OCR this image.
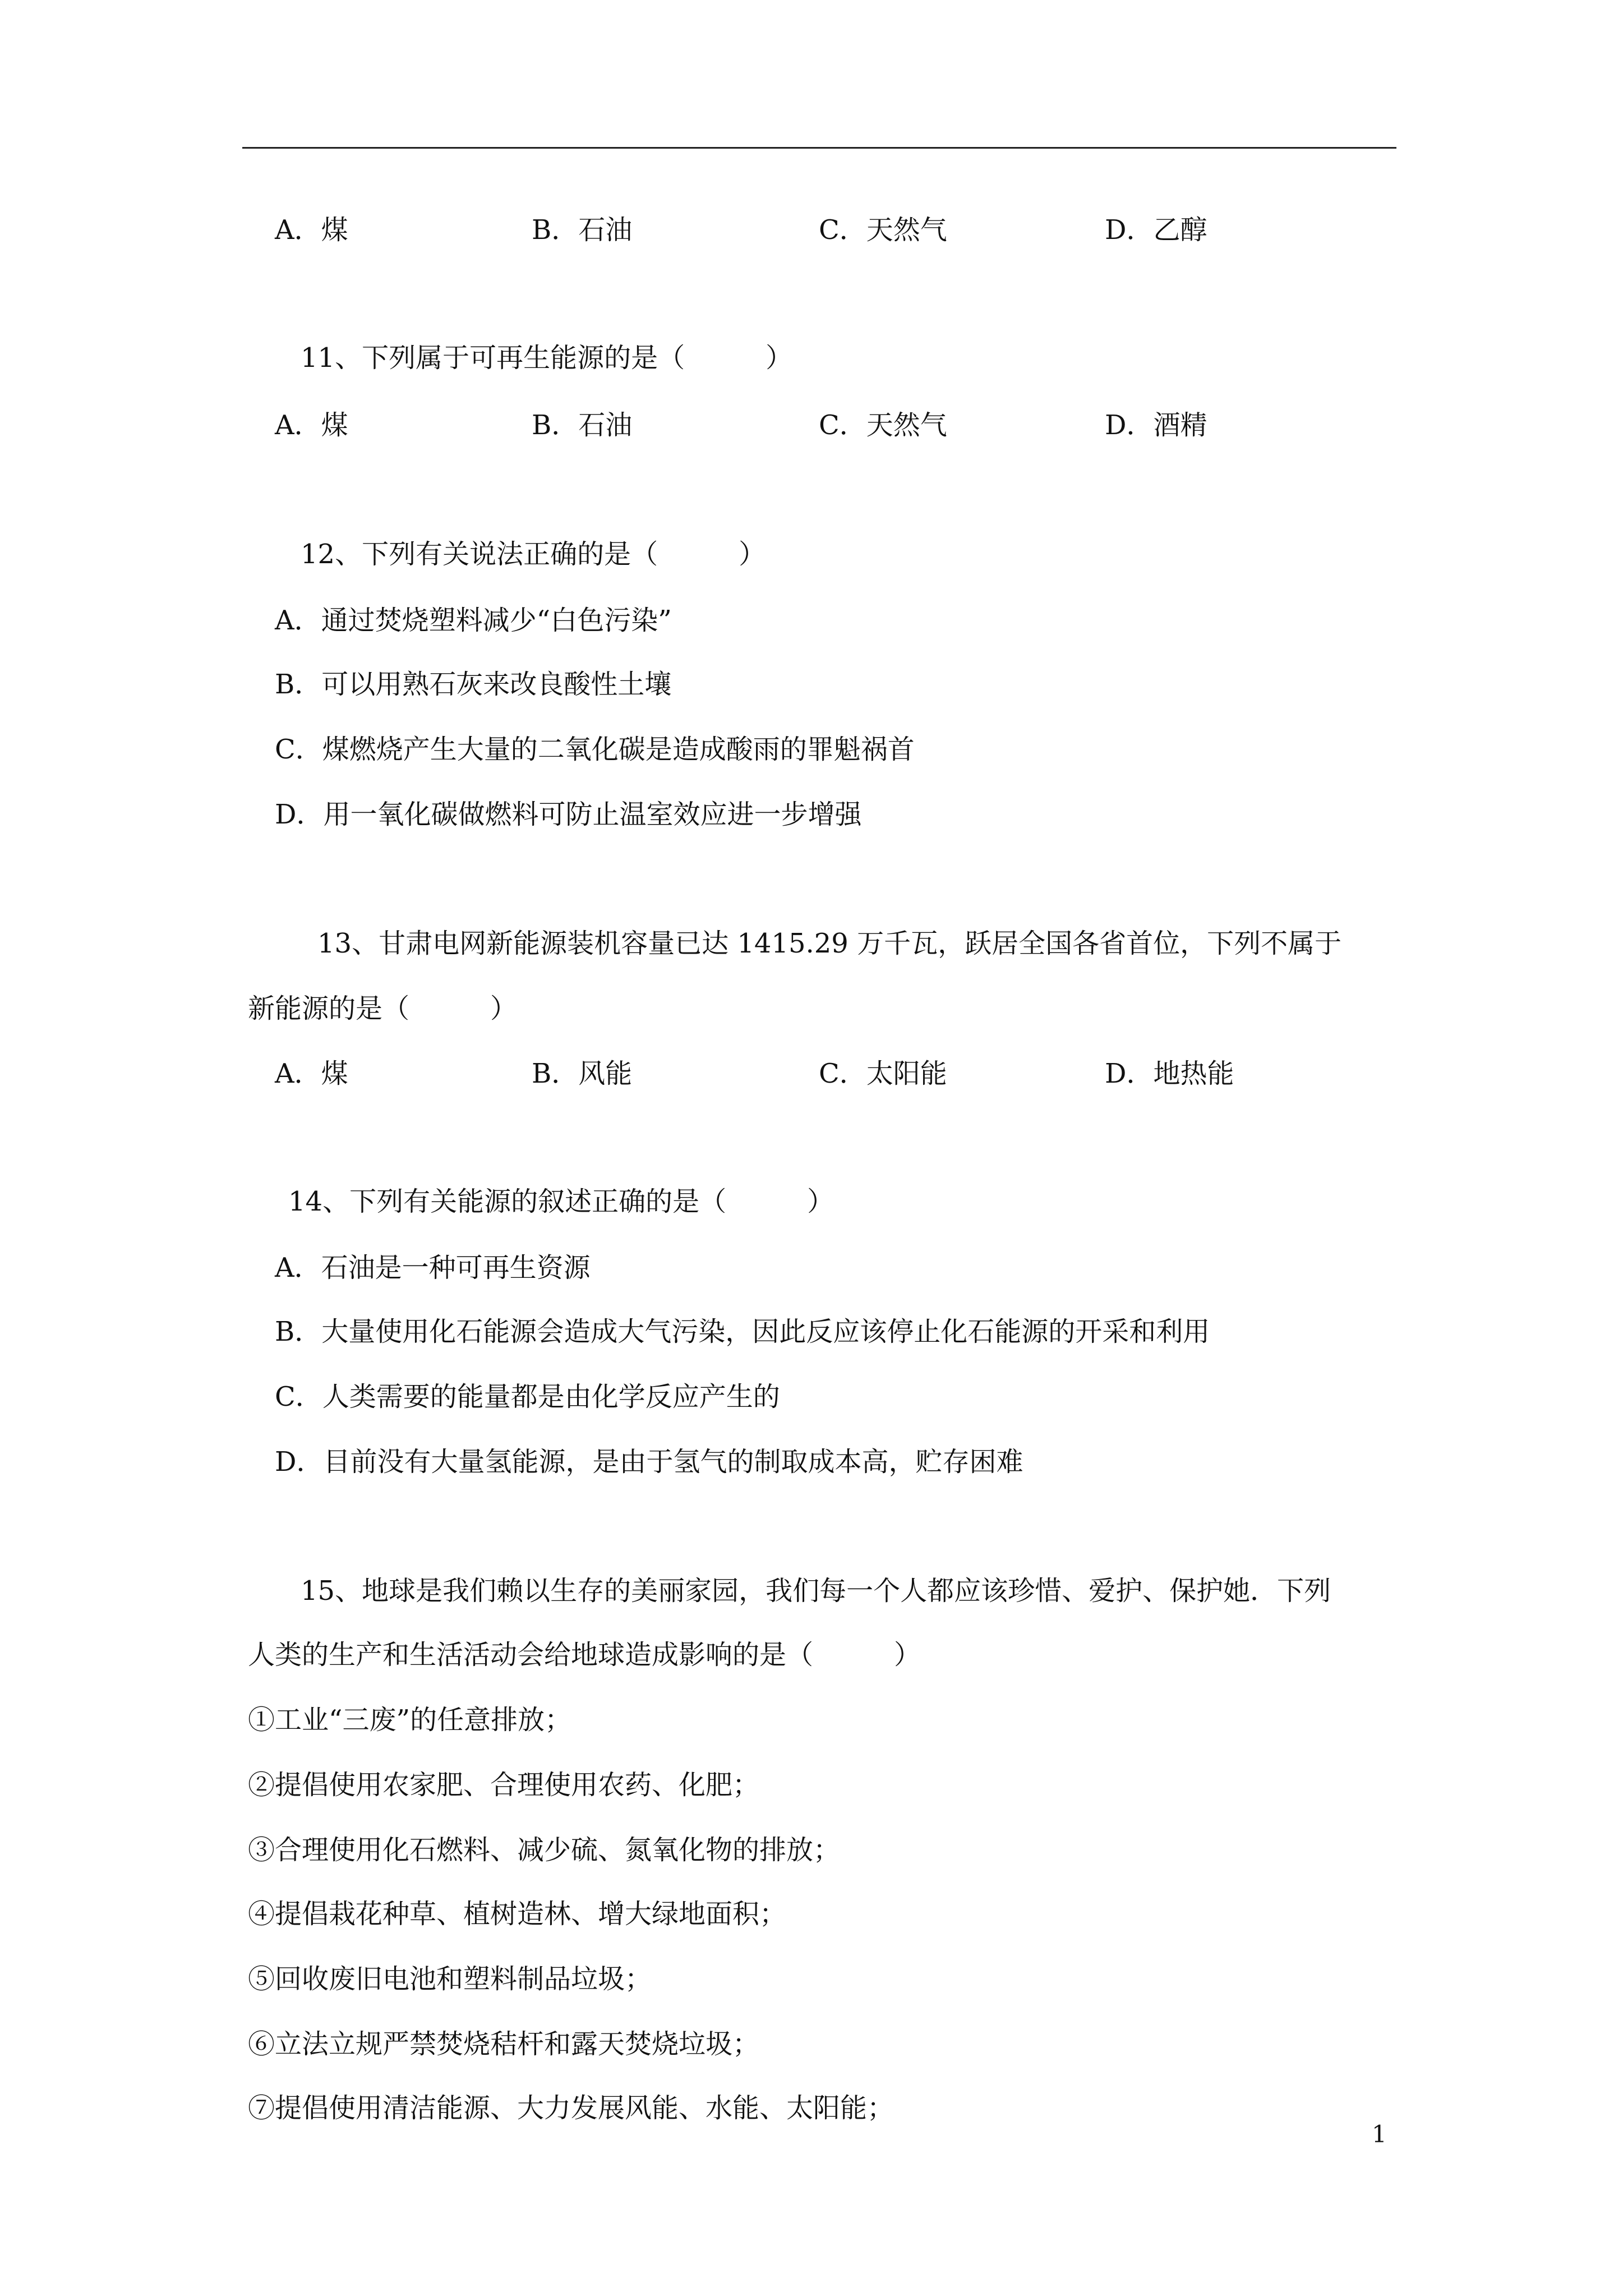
A．煤	B．石油	C．天然气	D．乙醇
11、下列属于可再生能源的是（　　　）
A．煤	B．石油	C．天然气	D．酒精
12、下列有关说法正确的是（　　　）
A．通过焚烧塑料减少“白色污染”
B．可以用熟石灰来改良酸性土壤
C．煤燃烧产生大量的二氧化碳是造成酸雨的罪魁祸首
D．用一氧化碳做燃料可防止温室效应进一步增强
13、甘肃电网新能源装机容量已达 1415.29 万千瓦，跃居全国各省首位，下列不属于
新能源的是（　　　）
A．煤	B．风能	C．太阳能	D．地热能
14、下列有关能源的叙述正确的是（　　　）
A．石油是一种可再生资源
B．大量使用化石能源会造成大气污染，因此反应该停止化石能源的开采和利用
C．人类需要的能量都是由化学反应产生的
D．目前没有大量氢能源，是由于氢气的制取成本高，贮存困难
15、地球是我们赖以生存的美丽家园，我们每一个人都应该珍惜、爱护、保护她．下列
人类的生产和生活活动会给地球造成影响的是（　　　）
①工业“三废”的任意排放；
②提倡使用农家肥、合理使用农药、化肥；
③合理使用化石燃料、减少硫、氮氧化物的排放；
④提倡栽花种草、植树造林、增大绿地面积；
⑤回收废旧电池和塑料制品垃圾；
⑥立法立规严禁焚烧秸杆和露天焚烧垃圾；
⑦提倡使用清洁能源、大力发展风能、水能、太阳能；
1
